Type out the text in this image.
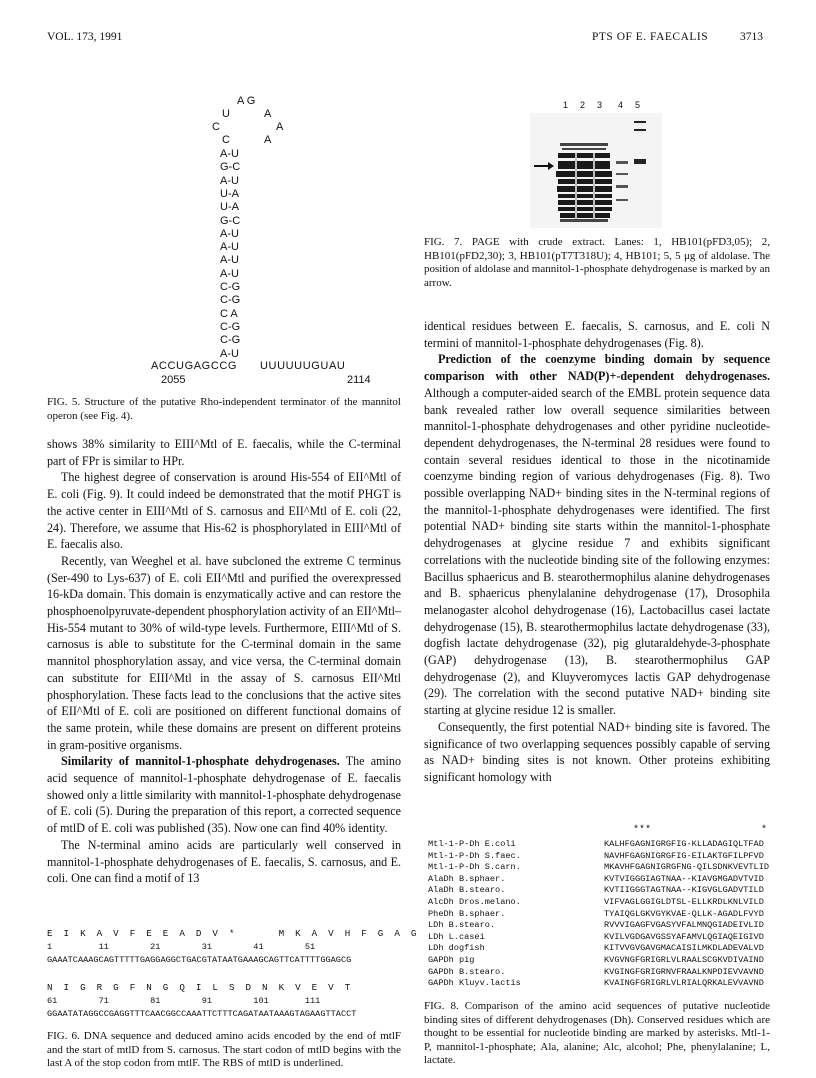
VOL. 173, 1991	PTS OF E. FAECALIS	3713
A G
U	A
C	A
C	A
A-U
G-C
A-U
U-A
U-A
G-C
A-U
A-U
A-U
A-U
C-G
C-G
C A
C-G
C-G
A-U
ACCUGAGCCG UUUUUUGUAU
2055	2114
FIG. 5. Structure of the putative Rho-independent terminator of the mannitol operon (see Fig. 4).

shows 38% similarity to EIII^Mtl of E. faecalis, while the C-terminal part of FPr is similar to HPr.

The highest degree of conservation is around His-554 of EII^Mtl of E. coli (Fig. 9). It could indeed be demonstrated that the motif PHGT is the active center in EIII^Mtl of S. carnosus and EII^Mtl of E. coli (22, 24). Therefore, we assume that His-62 is phosphorylated in EIII^Mtl of E. faecalis also.

Recently, van Weeghel et al. have subcloned the extreme C terminus (Ser-490 to Lys-637) of E. coli EII^Mtl and purified the overexpressed 16-kDa domain. This domain is enzymatically active and can restore the phosphoenolpyruvate-dependent phosphorylation activity of an EII^Mtl–His-554 mutant to 30% of wild-type levels. Furthermore, EIII^Mtl of S. carnosus is able to substitute for the C-terminal domain in the same mannitol phosphorylation assay, and vice versa, the C-terminal domain can substitute for EIII^Mtl in the assay of S. carnosus EII^Mtl phosphorylation. These facts lead to the conclusions that the active sites of EII^Mtl of E. coli are positioned on different functional domains of the same protein, while these domains are present on different proteins in gram-positive organisms.

Similarity of mannitol-1-phosphate dehydrogenases. The amino acid sequence of mannitol-1-phosphate dehydrogenase of E. faecalis showed only a little similarity with mannitol-1-phosphate dehydrogenase of E. coli (5). During the preparation of this report, a corrected sequence of mtlD of E. coli was published (35). Now one can find 40% identity.

The N-terminal amino acids are particularly well conserved in mannitol-1-phosphate dehydrogenases of E. faecalis, S. carnosus, and E. coli. One can find a motif of 13

E  I  K  A  V  F  E  E  A  D  V  *        M  K  A  V  H  F  G  A  G
1         11        21        31        41        51
GAAATCAAAGCAGTTTTTGAGGAGGCTGACGTATAATGAAAGCAGTTCATTTTGGAGCG
N  I  G  R  G  F  N  G  Q  I  L  S  D  N  K  V  E  V  T
61        71        81        91        101       111
GGAATATAGGCCGAGGTTTCAACGGCCAAATTCTTTCAGATAATAAAGTAGAAGTTACCT
FIG. 6. DNA sequence and deduced amino acids encoded by the end of mtlF and the start of mtlD from S. carnosus. The start codon of mtlD begins with the last A of the stop codon from mtlF. The RBS of mtlD is underlined.
1 2 3 4 5
FIG. 7. PAGE with crude extract. Lanes: 1, HB101(pFD3,05); 2, HB101(pFD2,30); 3, HB101(pT7T318U); 4, HB101; 5, 5 μg of aldolase. The position of aldolase and mannitol-1-phosphate dehydrogenase is marked by an arrow.

identical residues between E. faecalis, S. carnosus, and E. coli N termini of mannitol-1-phosphate dehydrogenases (Fig. 8).

Prediction of the coenzyme binding domain by sequence comparison with other NAD(P)+-dependent dehydrogenases. Although a computer-aided search of the EMBL protein sequence data bank revealed rather low overall sequence similarities between mannitol-1-phosphate dehydrogenases and other pyridine nucleotide-dependent dehydrogenases, the N-terminal 28 residues were found to contain several residues identical to those in the nicotinamide coenzyme binding region of various dehydrogenases (Fig. 8). Two possible overlapping NAD+ binding sites in the N-terminal regions of the mannitol-1-phosphate dehydrogenases were identified. The first potential NAD+ binding site starts within the mannitol-1-phosphate dehydrogenases at glycine residue 7 and exhibits significant correlations with the nucleotide binding site of the following enzymes: Bacillus sphaericus and B. stearothermophilus alanine dehydrogenases and B. sphaericus phenylalanine dehydrogenase (17), Drosophila melanogaster alcohol dehydrogenase (16), Lactobacillus casei lactate dehydrogenase (15), B. stearothermophilus lactate dehydrogenase (33), dogfish lactate dehydrogenase (32), pig glutaraldehyde-3-phosphate (GAP) dehydrogenase (13), B. stearothermophilus GAP dehydrogenase (2), and Kluyveromyces lactis GAP dehydrogenase (29). The correlation with the second putative NAD+ binding site starting at glycine residue 12 is smaller.

Consequently, the first potential NAD+ binding site is favored. The significance of two overlapping sequences possibly capable of serving as NAD+ binding sites is not known. Other proteins exhibiting significant homology with

***	*
Mtl-1-P-Dh E.coli	KALHFGAGNIGRGFIG-KLLADAGIQLTFAD
Mtl-1-P-Dh S.faec.	NAVHFGAGNIGRGFIG-EILAKTGFILPFVD
Mtl-1-P-Dh S.carn.	MKAVHFGAGNIGRGFNG-QILSDNKVEVTLID
AlaDh B.sphaer.	KVTVIGGGIAGTNAA--KIAVGMGADVTVID
AlaDh B.stearo.	KVTIIGGGTAGTNAA--KIGVGLGADVTILD
AlcDh Dros.melano.	VIFVAGLGGIGLDTSL-ELLKRDLKNLVILD
PheDh B.sphaer.	TYAIQGLGKVGYKVAE-QLLK-AGADLFVYD
LDh B.stearo.	RVVVIGAGFVGASYVFALMNQGIADEIVLID
LDh L.casei	KVILVGDGAVGSSYAFAMVLQGIAQEIGIVD
LDh dogfish	KITVVGVGAVGMACAISILMKDLADEVALVD
GAPDh pig	KVGVNGFGRIGRLVLRAALSCGKVDIVAIND
GAPDh B.stearo.	KVGINGFGRIGRNVFRAALKNPDIEVVAVND
GAPDh Kluyv.lactis	KVAINGFGRIGRLVLRIALQRKALEVVAVND
FIG. 8. Comparison of the amino acid sequences of putative nucleotide binding sites of different dehydrogenases (Dh). Conserved residues which are thought to be essential for nucleotide binding are marked by asterisks. Mtl-1-P, mannitol-1-phosphate; Ala, alanine; Alc, alcohol; Phe, phenylalanine; L, lactate.
